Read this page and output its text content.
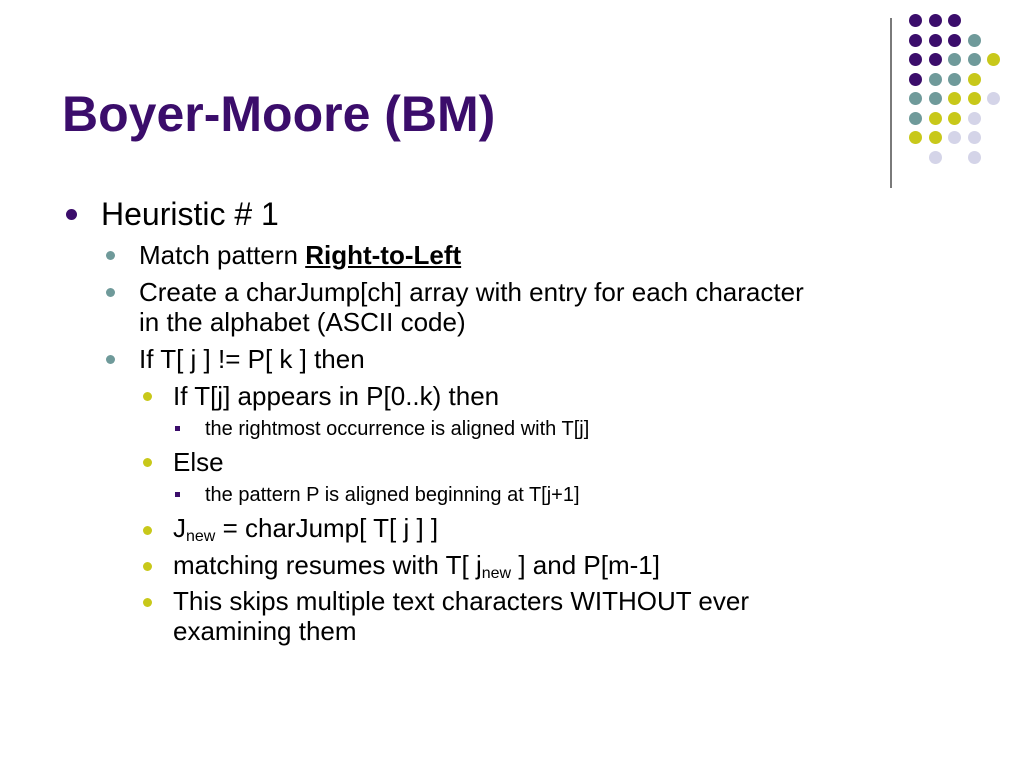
Boyer-Moore (BM)
Heuristic # 1
Match pattern Right-to-Left
Create a charJump[ch] array with entry for each character
in the alphabet (ASCII code)
If T[ j ] != P[ k ] then
If T[j] appears in P[0..k) then
the rightmost occurrence is aligned with T[j]
Else
the pattern P is aligned beginning at T[j+1]
$J_{new}$ = charJump[ T[ j ] ]
matching resumes with T[ $j_{new}$ ] and P[m-1]
This skips multiple text characters WITHOUT ever
examining them
